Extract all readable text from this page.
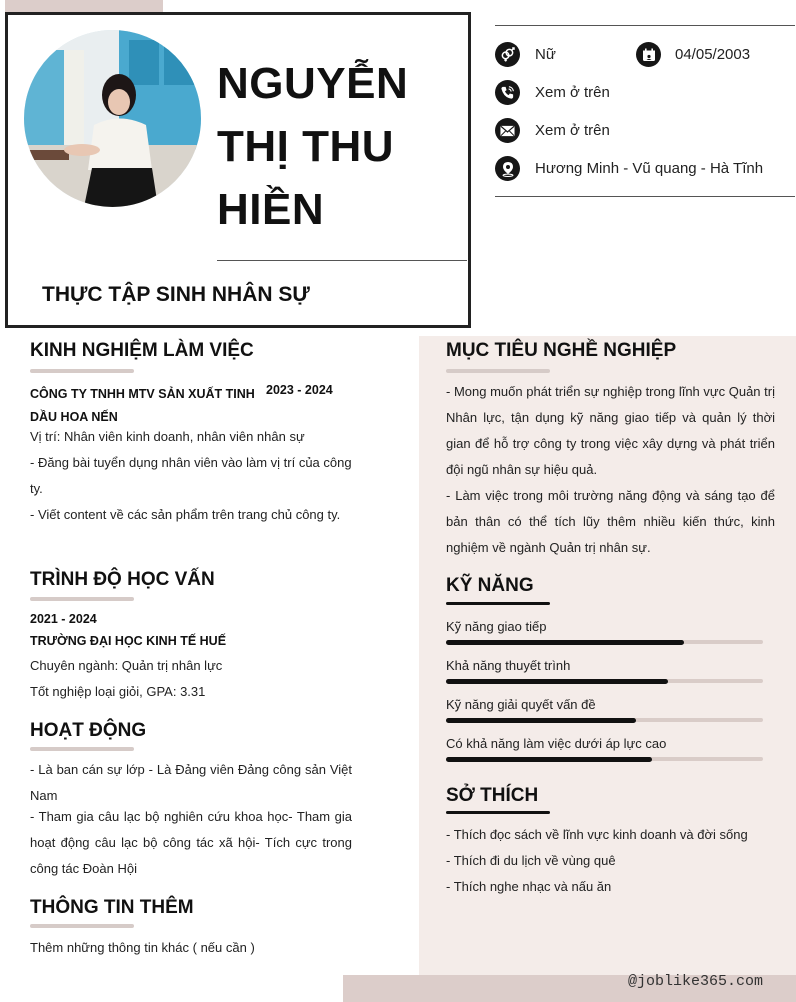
NGUYỄN
THỊ THU
HIỀN
THỰC TẬP SINH NHÂN SỰ
Nữ	04/05/2003
Xem ở trên
Xem ở trên
Hương Minh - Vũ quang - Hà Tĩnh
KINH NGHIỆM LÀM VIỆC
CÔNG TY TNHH MTV SẢN XUẤT TINH
DẦU HOA NẾN
2023 - 2024
Vị trí: Nhân viên kinh doanh, nhân viên nhân sự
- Đăng bài tuyển dụng nhân viên vào làm vị trí của công ty.
- Viết content về các sản phẩm trên trang chủ công ty.
TRÌNH ĐỘ HỌC VẤN
2021 - 2024
TRƯỜNG ĐẠI HỌC KINH TẾ HUẾ
Chuyên ngành: Quản trị nhân lực
Tốt nghiệp loại giỏi, GPA: 3.31
HOẠT ĐỘNG
- Là ban cán sự lớp - Là Đảng viên Đảng công sản Việt Nam
- Tham gia câu lạc bộ nghiên cứu khoa học- Tham gia hoạt động câu lạc bộ công tác xã hội- Tích cực trong công tác Đoàn Hội
THÔNG TIN THÊM
Thêm những thông tin khác ( nếu cần )
MỤC TIÊU NGHỀ NGHIỆP
- Mong muốn phát triển sự nghiệp trong lĩnh vực Quản trị Nhân lực, tận dụng kỹ năng giao tiếp và quản lý thời gian để hỗ trợ công ty trong việc xây dựng và phát triển đội ngũ nhân sự hiệu quả.
- Làm việc trong môi trường năng động và sáng tạo để bản thân có thể tích lũy thêm nhiều kiến thức, kinh nghiệm về ngành Quản trị nhân sự.
KỸ NĂNG
Kỹ năng giao tiếp
Khả năng thuyết trình
Kỹ năng giải quyết vấn đề
Có khả năng làm việc dưới áp lực cao
SỞ THÍCH
- Thích đọc sách về lĩnh vực kinh doanh và đời sống
- Thích đi du lịch về vùng quê
- Thích nghe nhạc và nấu ăn
@joblike365.com
